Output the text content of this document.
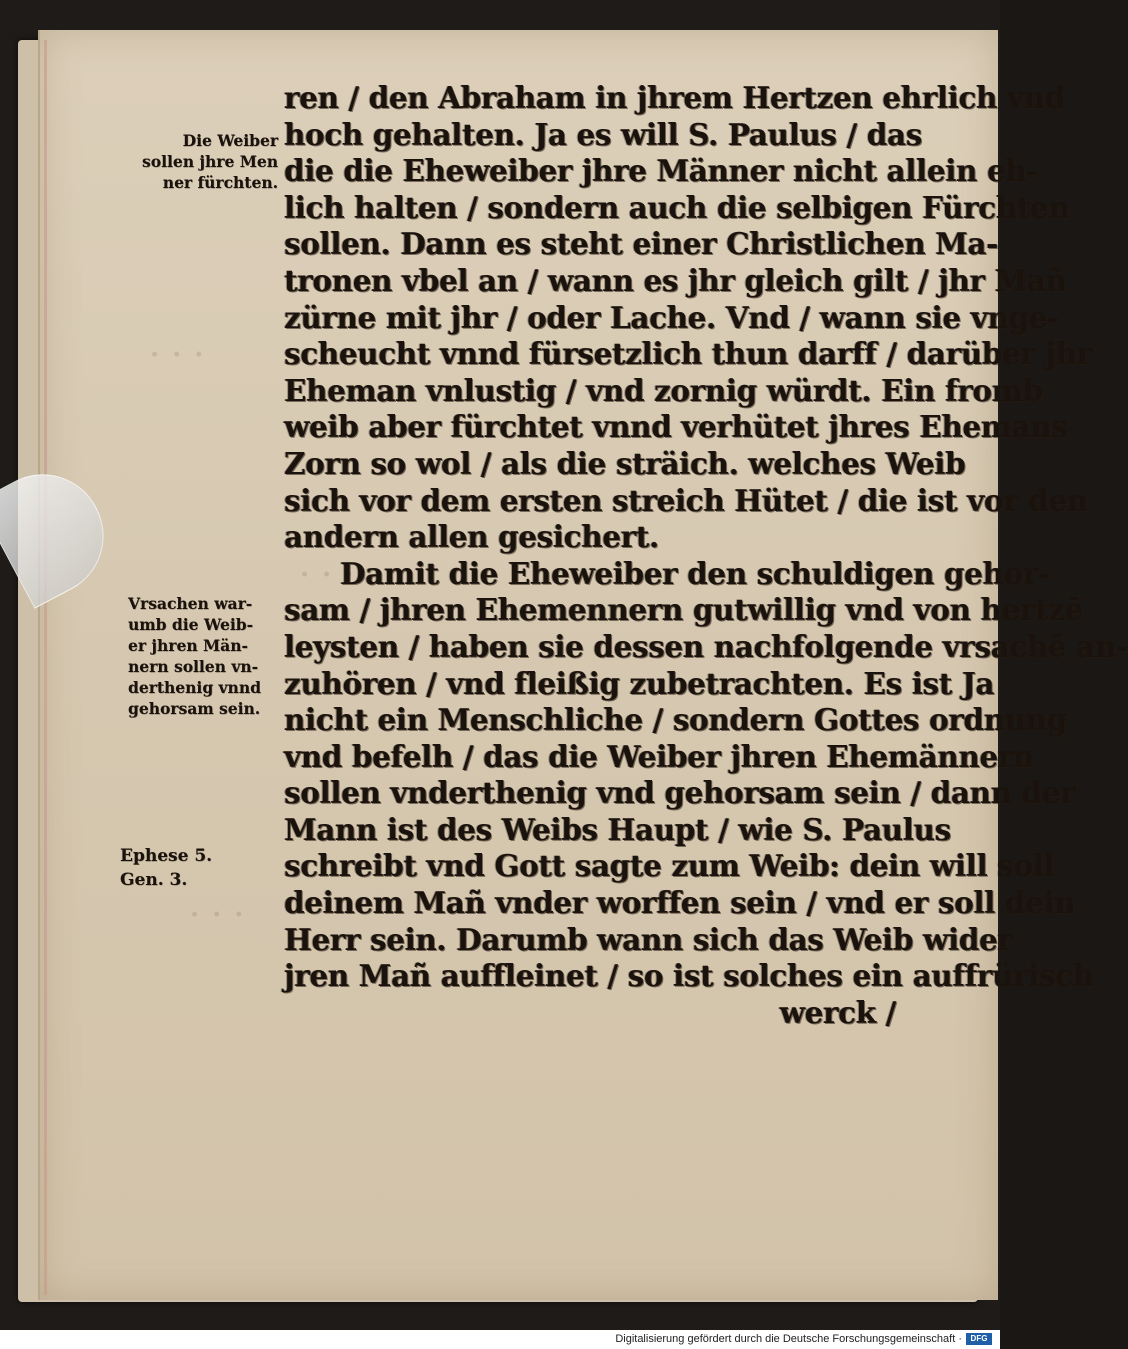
· · ·
· · ·
· · ·
Die Weiber
sollen jhre Men
ner fürchten.
Vrsachen war-
umb die Weib-
er jhren Män-
nern sollen vn-
derthenig vnnd
gehorsam sein.
Ephese 5.
Gen. 3.
ren / den Abraham in jhrem Hertzen ehrlich vnd
hoch gehalten. Ja es will S. Paulus / das
die die Eheweiber jhre Männer nicht allein eh-
lich halten / sondern auch die selbigen Fürchten
sollen. Dann es steht einer Christlichen Ma-
tronen vbel an / wann es jhr gleich gilt / jhr Mañ
zürne mit jhr / oder Lache. Vnd / wann sie vnge-
scheucht vnnd fürsetzlich thun darff / darüber jhr
Eheman vnlustig / vnd zornig würdt. Ein fromb
weib aber fürchtet vnnd verhütet jhres Ehemans
Zorn so wol / als die sträich. welches Weib
sich vor dem ersten streich Hütet / die ist vor den
andern allen gesichert.
Damit die Eheweiber den schuldigen gehor-
sam / jhren Ehemennern gutwillig vnd von hertzē
leysten / haben sie dessen nachfolgende vrsachē an-
zuhören / vnd fleißig zubetrachten. Es ist Ja
nicht ein Menschliche / sondern Gottes ordnung
vnd befelh / das die Weiber jhren Ehemännern
sollen vnderthenig vnd gehorsam sein / dann der
Mann ist des Weibs Haupt / wie S. Paulus
schreibt vnd Gott sagte zum Weib: dein will soll
deinem Mañ vnder worffen sein / vnd er soll dein
Herr sein. Darumb wann sich das Weib wider
jren Mañ auffleinet / so ist solches ein auffrürisch
werck /
Digitalisierung gefördert durch die Deutsche Forschungsgemeinschaft ·	DFG
